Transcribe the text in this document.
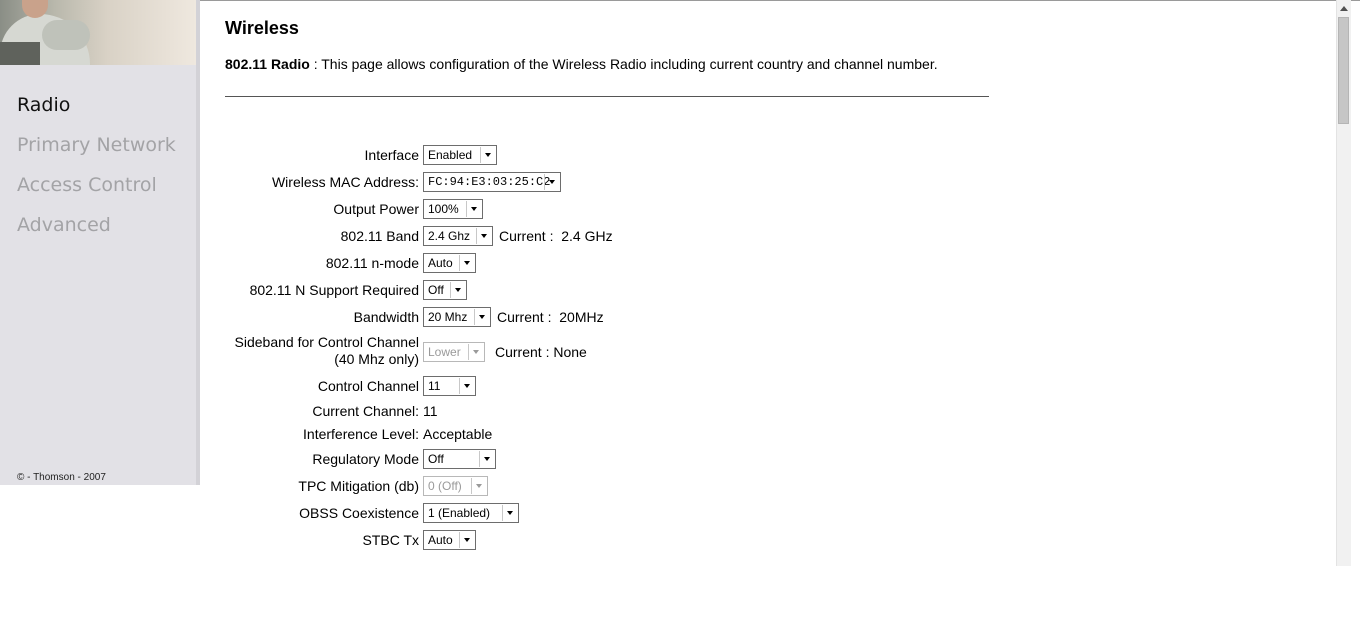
Radio
Primary Network
Access Control
Advanced
© - Thomson - 2007
Wireless
802.11 Radio : This page allows configuration of the Wireless Radio including current country and channel number.
Interface Enabled
Wireless MAC Address: FC:94:E3:03:25:C2
Output Power 100%
802.11 Band 2.4 Ghz	Current :  2.4 GHz
802.11 n-mode Auto
802.11 N Support Required Off
Bandwidth 20 Mhz	Current :  20MHz
Sideband for Control Channel
(40 Mhz only) Lower	Current : None
Control Channel 11
Current Channel: 11
Interference Level: Acceptable
Regulatory Mode Off
TPC Mitigation (db) 0 (Off)
OBSS Coexistence 1 (Enabled)
STBC Tx Auto
